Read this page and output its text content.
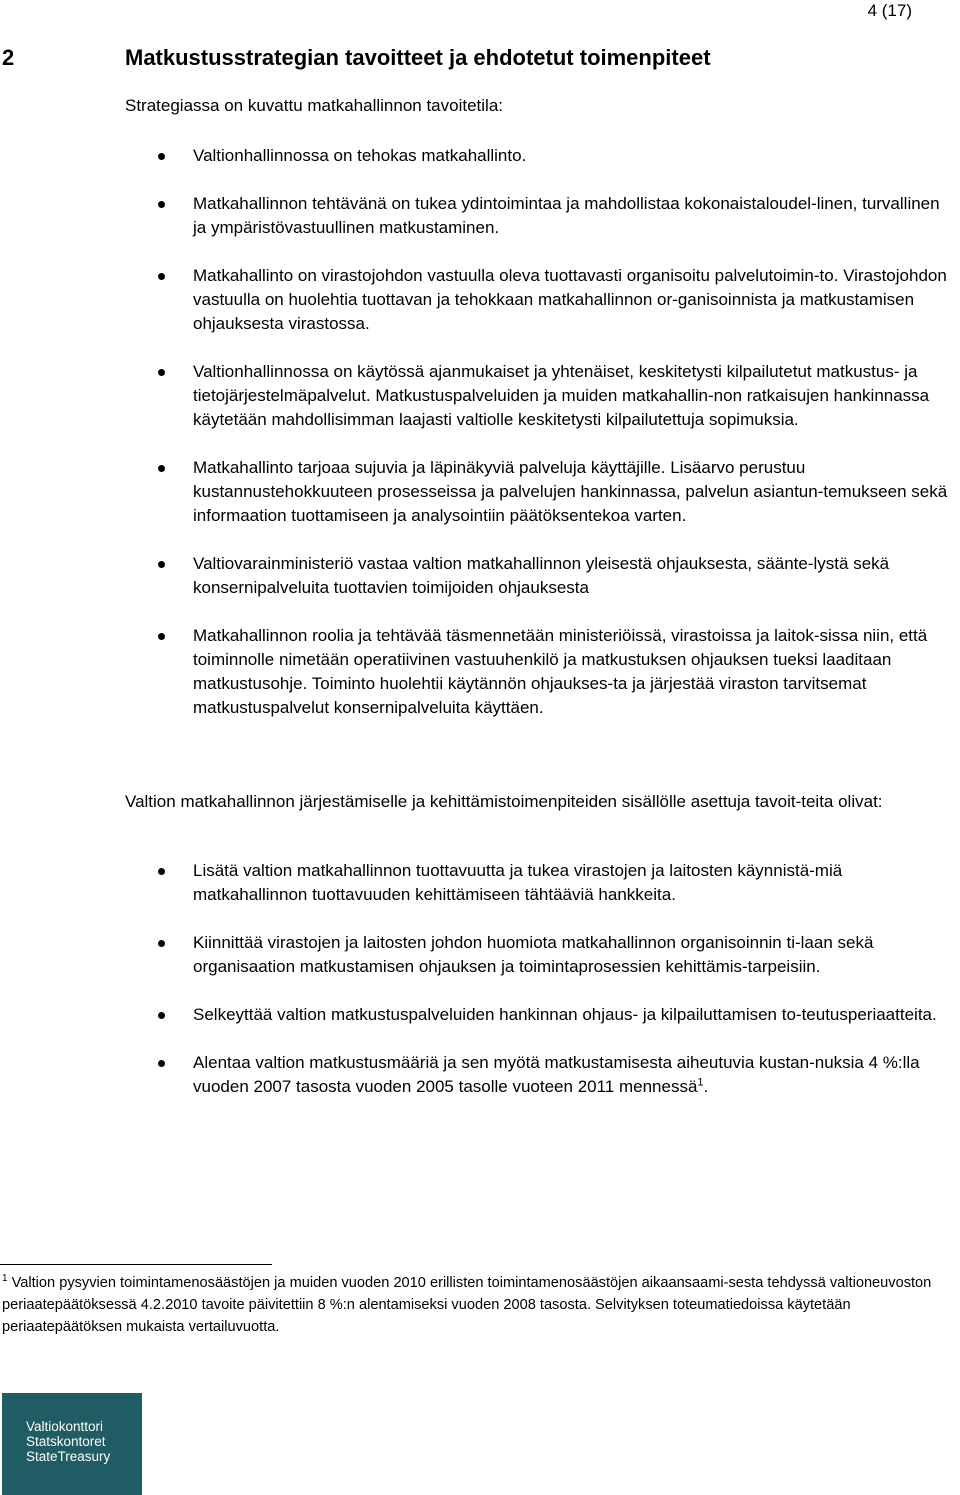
4 (17)
2	Matkustusstrategian tavoitteet ja ehdotetut toimenpiteet
Strategiassa on kuvattu matkahallinnon tavoitetila:
Valtionhallinnossa on tehokas matkahallinto.
Matkahallinnon tehtävänä on tukea ydintoimintaa ja mahdollistaa kokonaistaloudel-linen, turvallinen ja ympäristövastuullinen matkustaminen.
Matkahallinto on virastojohdon vastuulla oleva tuottavasti organisoitu palvelutoimin-to. Virastojohdon vastuulla on huolehtia tuottavan ja tehokkaan matkahallinnon or-ganisoinnista ja matkustamisen ohjauksesta virastossa.
Valtionhallinnossa on käytössä ajanmukaiset ja yhtenäiset, keskitetysti kilpailutetut matkustus- ja tietojärjestelmäpalvelut. Matkustuspalveluiden ja muiden matkahallin-non ratkaisujen hankinnassa käytetään mahdollisimman laajasti valtiolle keskitetysti kilpailutettuja sopimuksia.
Matkahallinto tarjoaa sujuvia ja läpinäkyviä palveluja käyttäjille. Lisäarvo perustuu kustannustehokkuuteen prosesseissa ja palvelujen hankinnassa, palvelun asiantun-temukseen sekä informaation tuottamiseen ja analysointiin päätöksentekoa varten.
Valtiovarainministeriö vastaa valtion matkahallinnon yleisestä ohjauksesta, säänte-lystä sekä konsernipalveluita tuottavien toimijoiden ohjauksesta
Matkahallinnon roolia ja tehtävää täsmennetään ministeriöissä, virastoissa ja laitok-sissa niin, että toiminnolle nimetään operatiivinen vastuuhenkilö ja matkustuksen ohjauksen tueksi laaditaan matkustusohje. Toiminto huolehtii käytännön ohjaukses-ta ja järjestää viraston tarvitsemat matkustuspalvelut konsernipalveluita käyttäen.
Valtion matkahallinnon järjestämiselle ja kehittämistoimenpiteiden sisällölle asettuja tavoit-teita olivat:
Lisätä valtion matkahallinnon tuottavuutta ja tukea virastojen ja laitosten käynnistä-miä matkahallinnon tuottavuuden kehittämiseen tähtääviä hankkeita.
Kiinnittää virastojen ja laitosten johdon huomiota matkahallinnon organisoinnin ti-laan sekä organisaation matkustamisen ohjauksen ja toimintaprosessien kehittämis-tarpeisiin.
Selkeyttää valtion matkustuspalveluiden hankinnan ohjaus- ja kilpailuttamisen to-teutusperiaatteita.
Alentaa valtion matkustusmääriä ja sen myötä matkustamisesta aiheutuvia kustan-nuksia 4 %:lla vuoden 2007 tasosta vuoden 2005 tasolle vuoteen 2011 mennessä$^1$.
$^1$ Valtion pysyvien toimintamenosäästöjen ja muiden vuoden 2010 erillisten toimintamenosäästöjen aikaansaami-sesta tehdyssä valtioneuvoston periaatepäätöksessä 4.2.2010 tavoite päivitettiin 8 %:n alentamiseksi vuoden 2008 tasosta. Selvityksen toteumatiedoissa käytetään periaatepäätöksen mukaista vertailuvuotta.
Valtiokonttori
Statskontoret
StateTreasury
